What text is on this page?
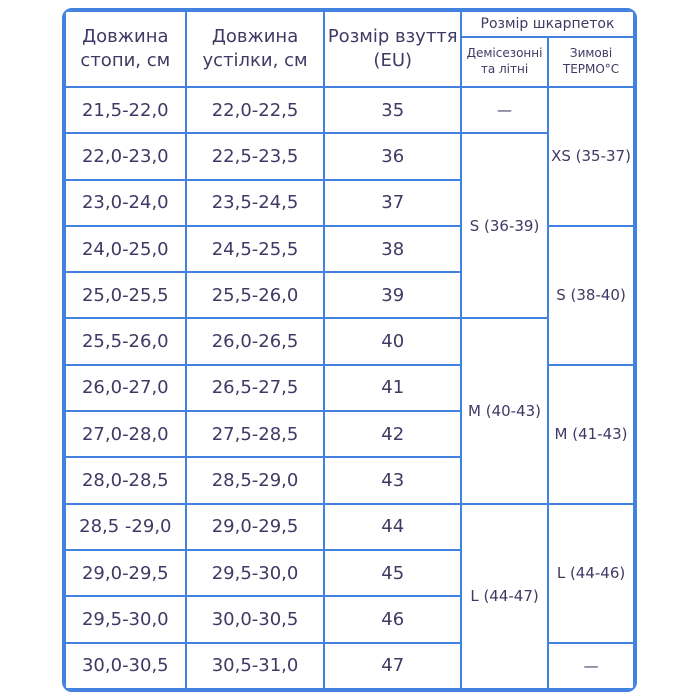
Довжина стопи, см	Довжина устілки, см	Розмір взуття (EU)	Розмір шкарпеток	
			Демісезонні та літні	Зимові ТЕРМО°С
21,5-22,0	22,0-22,5	35	—	XS (35-37)
22,0-23,0	22,5-23,5	36	S (36-39)	
23,0-24,0	23,5-24,5	37		
24,0-25,0	24,5-25,5	38		S (38-40)
25,0-25,5	25,5-26,0	39		
25,5-26,0	26,0-26,5	40	M (40-43)	
26,0-27,0	26,5-27,5	41		M (41-43)
27,0-28,0	27,5-28,5	42		
28,0-28,5	28,5-29,0	43		
28,5 -29,0	29,0-29,5	44	L (44-47)	L (44-46)
29,0-29,5	29,5-30,0	45		
29,5-30,0	30,0-30,5	46		
30,0-30,5	30,5-31,0	47		—
